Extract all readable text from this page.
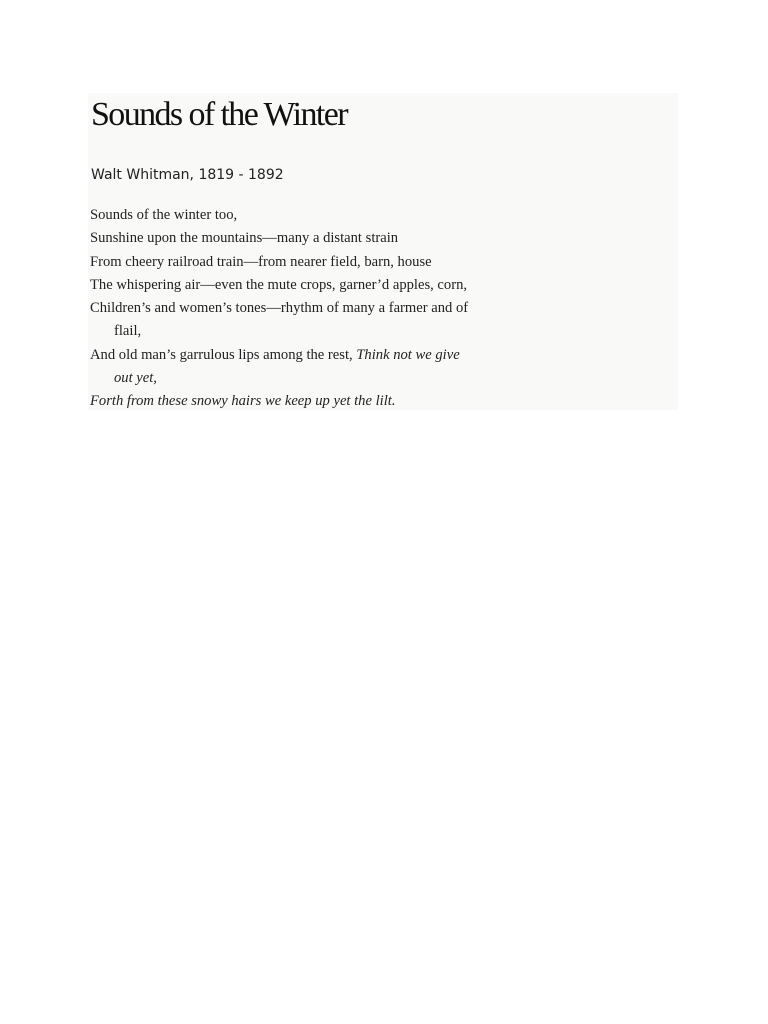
Sounds of the Winter
Walt Whitman, 1819 - 1892
Sounds of the winter too,
Sunshine upon the mountains—many a distant strain
From cheery railroad train—from nearer field, barn, house
The whispering air—even the mute crops, garner’d apples, corn,
Children’s and women’s tones—rhythm of many a farmer and of
flail,
And old man’s garrulous lips among the rest, Think not we give
out yet,
Forth from these snowy hairs we keep up yet the lilt.
